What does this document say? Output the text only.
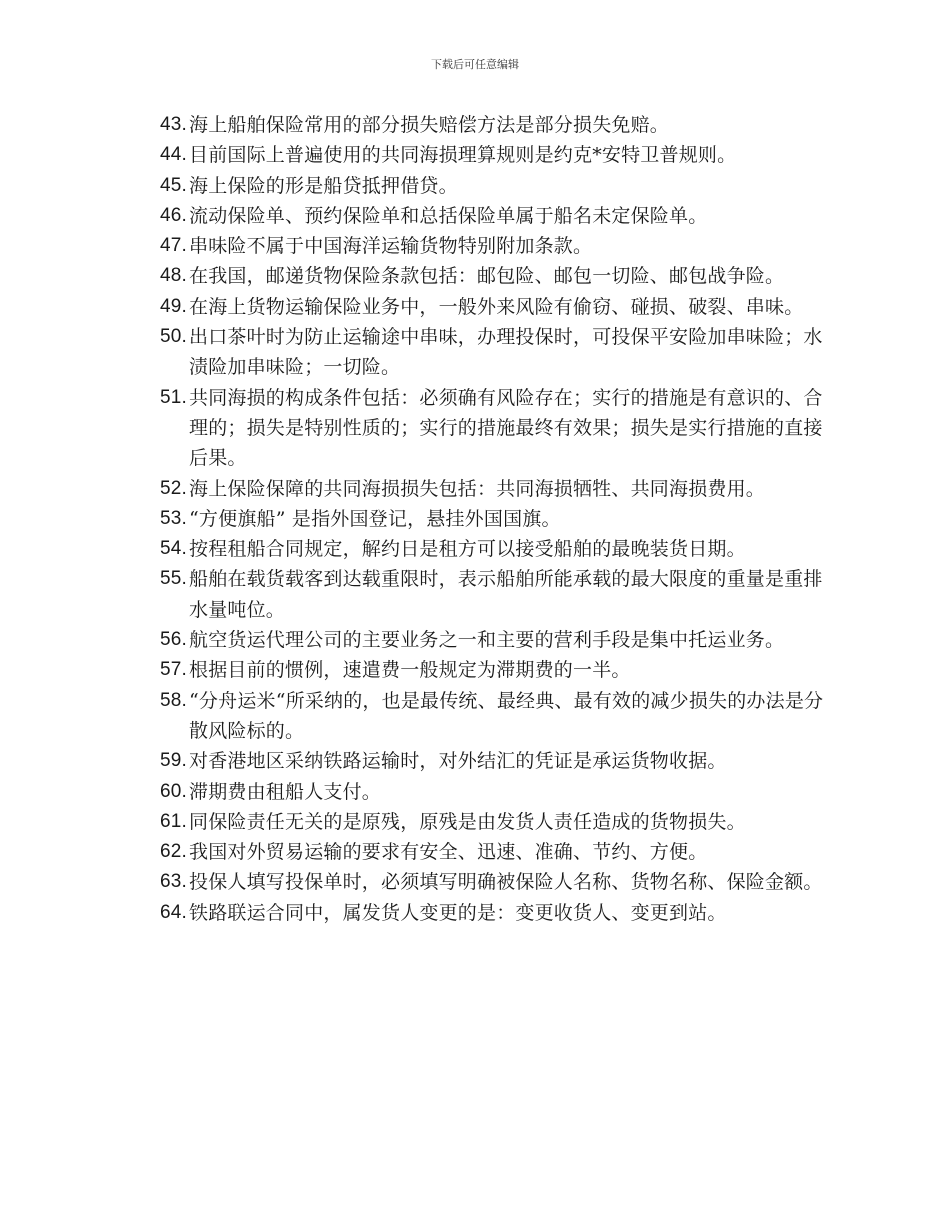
下载后可任意编辑
43. 海上船舶保险常用的部分损失赔偿方法是部分损失免赔。
44. 目前国际上普遍使用的共同海损理算规则是约克*安特卫普规则。
45. 海上保险的形是船贷抵押借贷。
46. 流动保险单、预约保险单和总括保险单属于船名未定保险单。
47. 串味险不属于中国海洋运输货物特别附加条款。
48. 在我国，邮递货物保险条款包括：邮包险、邮包一切险、邮包战争险。
49. 在海上货物运输保险业务中，一般外来风险有偷窃、碰损、破裂、串味。
50. 出口茶叶时为防止运输途中串味，办理投保时，可投保平安险加串味险；水渍险加串味险；一切险。
51. 共同海损的构成条件包括：必须确有风险存在；实行的措施是有意识的、合理的；损失是特别性质的；实行的措施最终有效果；损失是实行措施的直接后果。
52. 海上保险保障的共同海损损失包括：共同海损牺牲、共同海损费用。
53. “方便旗船” 是指外国登记，悬挂外国国旗。
54. 按程租船合同规定，解约日是租方可以接受船舶的最晚装货日期。
55. 船舶在载货载客到达载重限时，表示船舶所能承载的最大限度的重量是重排水量吨位。
56. 航空货运代理公司的主要业务之一和主要的营利手段是集中托运业务。
57. 根据目前的惯例，速遣费一般规定为滞期费的一半。
58. “分舟运米“所采纳的，也是最传统、最经典、最有效的减少损失的办法是分散风险标的。
59. 对香港地区采纳铁路运输时，对外结汇的凭证是承运货物收据。
60. 滞期费由租船人支付。
61. 同保险责任无关的是原残，原残是由发货人责任造成的货物损失。
62. 我国对外贸易运输的要求有安全、迅速、准确、节约、方便。
63. 投保人填写投保单时，必须填写明确被保险人名称、货物名称、保险金额。
64. 铁路联运合同中，属发货人变更的是：变更收货人、变更到站。
